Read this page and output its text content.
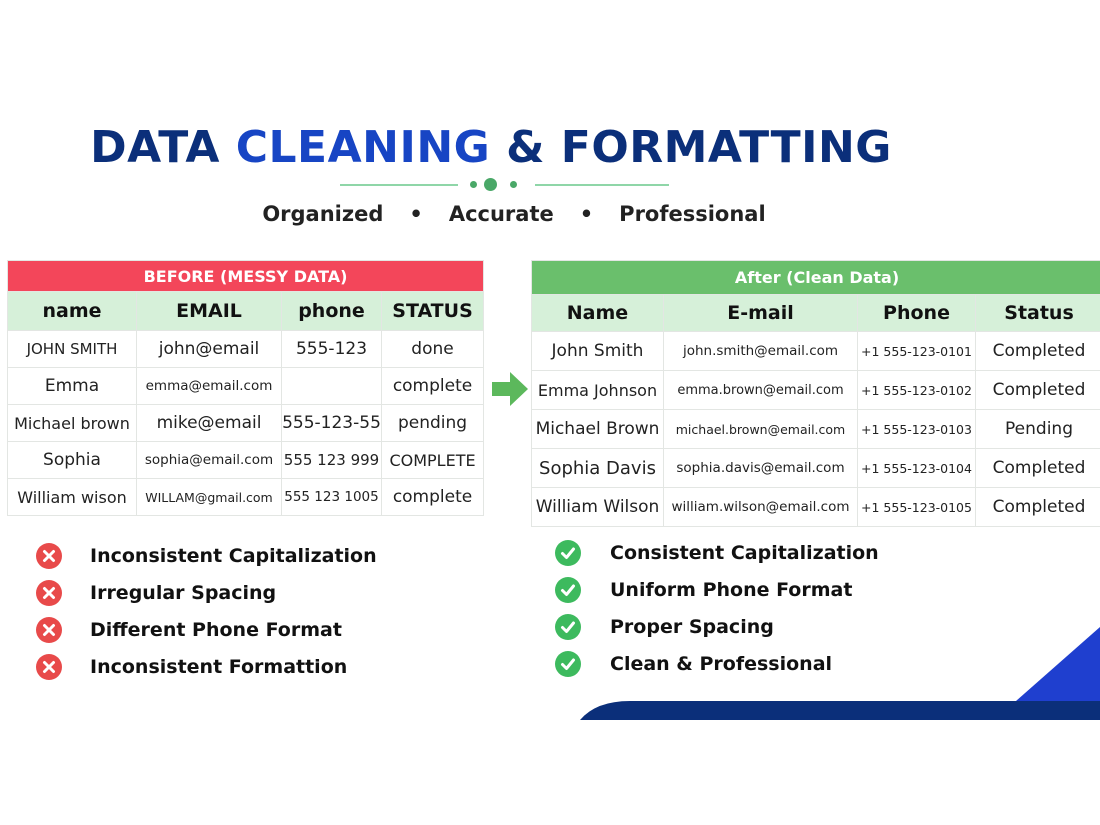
DATA CLEANING & FORMATTING
Organized • Accurate • Professional
BEFORE (MESSY DATA)			
name	EMAIL	phone	STATUS
JOHN SMITH	john@email	555-123	done
Emma	emma@email.com		complete
Michael brown	mike@email	555-123-55	pending
Sophia	sophia@email.com	555 123 999	COMPLETE
William wison	WILLAM@gmail.com	555 123 1005	complete
After (Clean Data)			
Name	E-mail	Phone	Status
John Smith	john.smith@email.com	+1 555-123-0101	Completed
Emma Johnson	emma.brown@email.com	+1 555-123-0102	Completed
Michael Brown	michael.brown@email.com	+1 555-123-0103	Pending
Sophia Davis	sophia.davis@email.com	+1 555-123-0104	Completed
William Wilson	william.wilson@email.com	+1 555-123-0105	Completed
Inconsistent Capitalization
Irregular Spacing
Different Phone Format
Inconsistent Formattion
Consistent Capitalization
Uniform Phone Format
Proper Spacing
Clean & Professional
